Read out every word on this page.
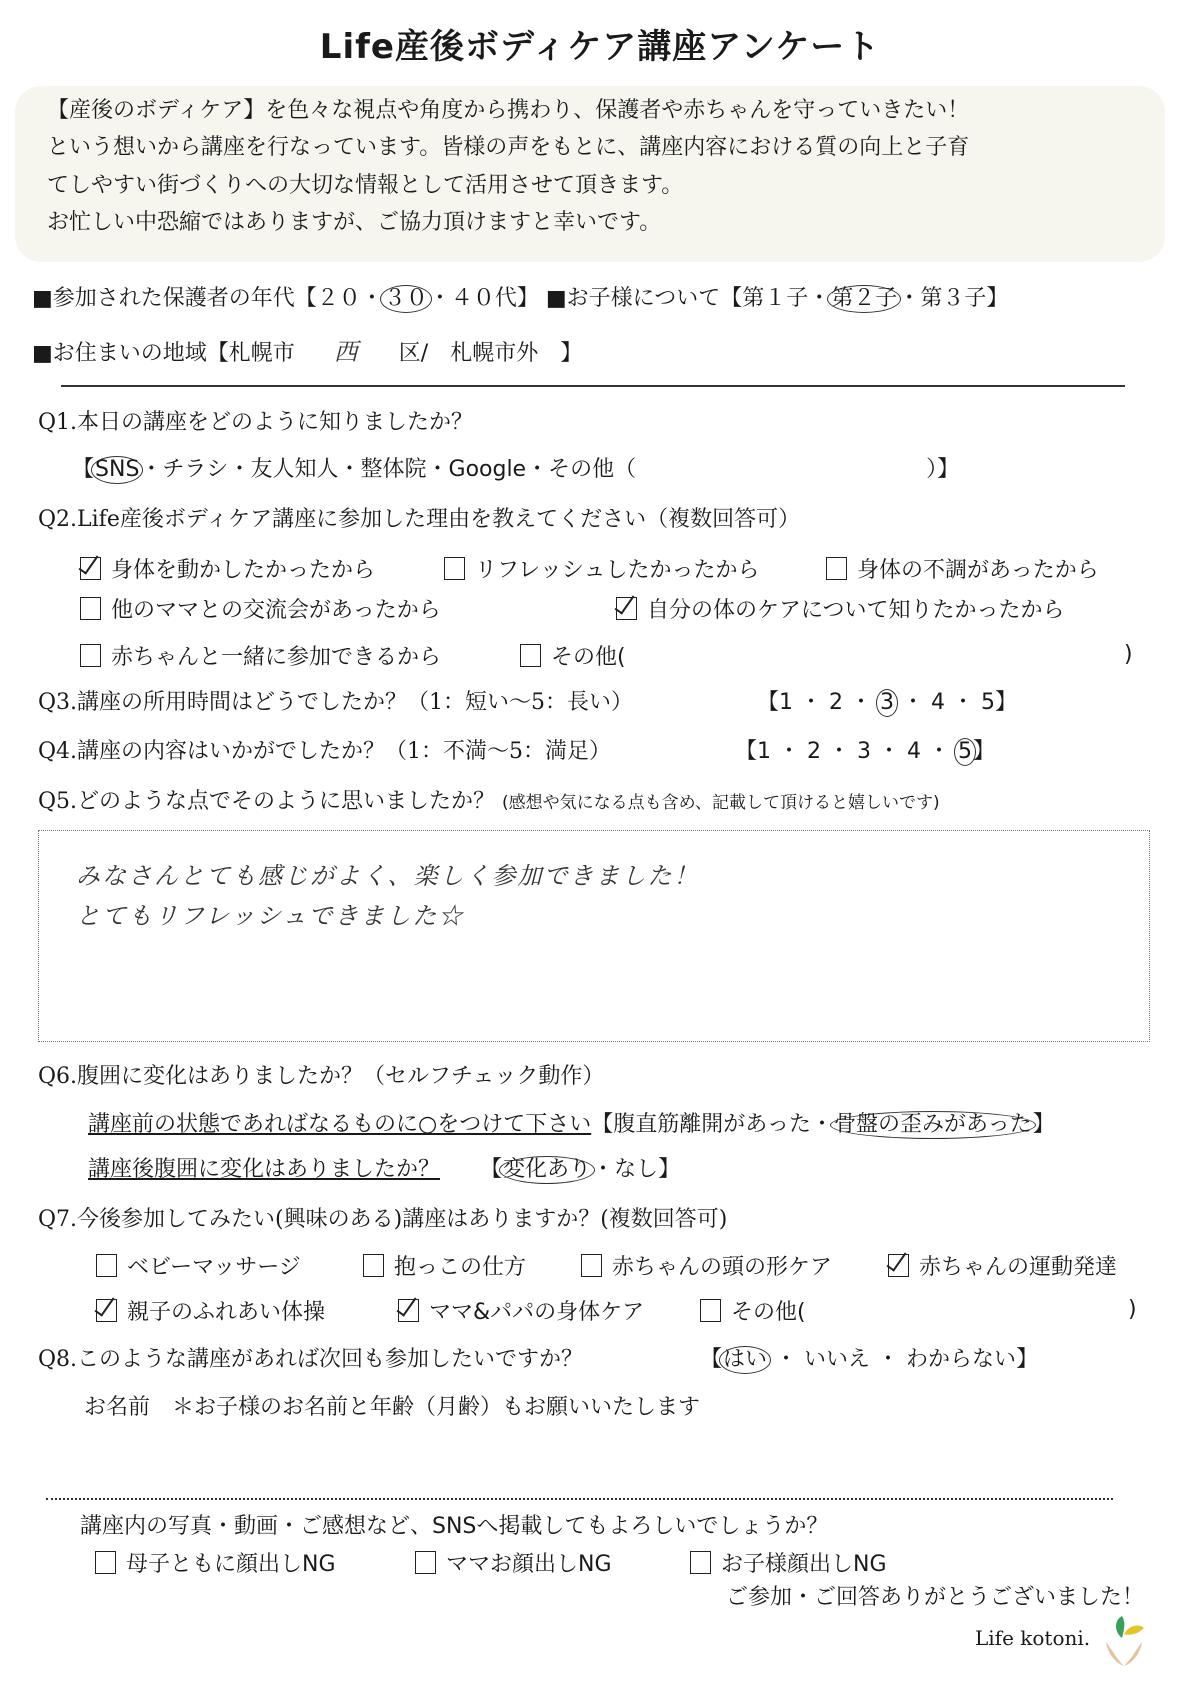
Life産後ボディケア講座アンケート
【産後のボディケア】を色々な視点や角度から携わり、保護者や赤ちゃんを守っていきたい！
という想いから講座を行なっています。皆様の声をもとに、講座内容における質の向上と子育
てしやすい街づくりへの大切な情報として活用させて頂きます。
お忙しい中恐縮ではありますが、ご協力頂けますと幸いです。
■参加された保護者の年代【２０・３０・４０代】 ■お子様について【第１子・第２子・第３子】
■お住まいの地域【札幌市 西 区/　札幌市外　】
Q1.本日の講座をどのように知りましたか？
【SNS・チラシ・友人知人・整体院・Google・その他（	）】
Q2.Life産後ボディケア講座に参加した理由を教えてください（複数回答可）
身体を動かしたかったから	リフレッシュしたかったから	身体の不調があったから
他のママとの交流会があったから	自分の体のケアについて知りたかったから
赤ちゃんと一緒に参加できるから	その他(	)
Q3.講座の所用時間はどうでしたか？（1：短い〜5：長い）	【1 ・ 2 ・ 3 ・ 4 ・ 5】
Q4.講座の内容はいかがでしたか？（1：不満〜5：満足）	【1 ・ 2 ・ 3 ・ 4 ・ 5】
Q5.どのような点でそのように思いましたか？ (感想や気になる点も含め、記載して頂けると嬉しいです)
みなさんとても感じがよく、楽しく参加できました！
とてもリフレッシュできました☆
Q6.腹囲に変化はありましたか？（セルフチェック動作）
講座前の状態であればなるものに○をつけて下さい【腹直筋離開があった・骨盤の歪みがあった】
講座後腹囲に変化はありましたか？ 【変化あり・なし】
Q7.今後参加してみたい(興味のある)講座はありますか？(複数回答可)
ベビーマッサージ	抱っこの仕方	赤ちゃんの頭の形ケア	赤ちゃんの運動発達
親子のふれあい体操	ママ&パパの身体ケア	その他(	)
Q8.このような講座があれば次回も参加したいですか？	【はい ・ いいえ ・ わからない】
お名前　＊お子様のお名前と年齢（月齢）もお願いいたします
講座内の写真・動画・ご感想など、SNSへ掲載してもよろしいでしょうか？
母子ともに顔出しNG	ママお顔出しNG	お子様顔出しNG
ご参加・ご回答ありがとうございました！
Life kotoni.
